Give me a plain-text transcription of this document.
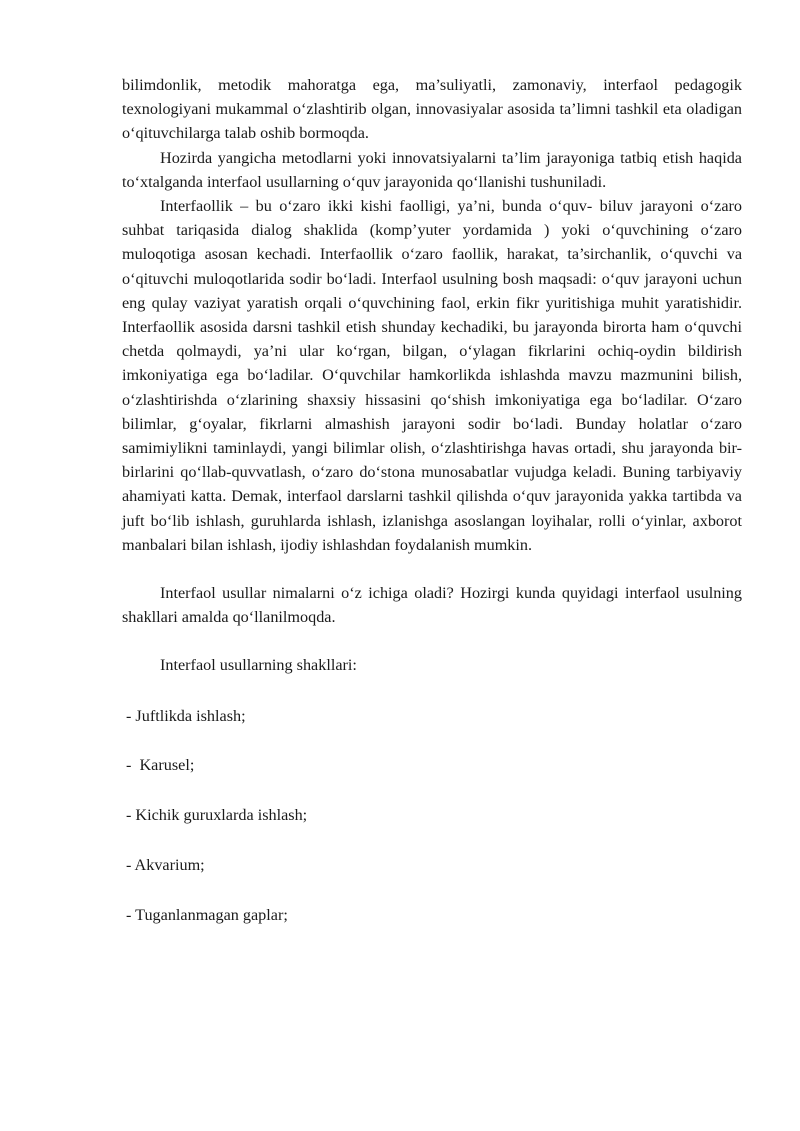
bilimdonlik, metodik mahoratga ega, ma’suliyatli, zamonaviy, interfaol pedagogik texnologiyani mukammal o‘zlashtirib olgan, innovasiyalar asosida ta’limni tashkil eta oladigan o‘qituvchilarga talab oshib bormoqda.

Hozirda yangicha metodlarni yoki innovatsiyalarni ta’lim jarayoniga tatbiq etish haqida to‘xtalganda interfaol usullarning o‘quv jarayonida qo‘llanishi tushuniladi.

Interfaollik – bu o‘zaro ikki kishi faolligi, ya’ni, bunda o‘quv- biluv jarayoni o‘zaro suhbat tariqasida dialog shaklida (komp’yuter yordamida ) yoki o‘quvchining o‘zaro muloqotiga asosan kechadi. Interfaollik o‘zaro faollik, harakat, ta’sirchanlik, o‘quvchi va o‘qituvchi muloqotlarida sodir bo‘ladi. Interfaol usulning bosh maqsadi: o‘quv jarayoni uchun eng qulay vaziyat yaratish orqali o‘quvchining faol, erkin fikr yuritishiga muhit yaratishidir. Interfaollik asosida darsni tashkil etish shunday kechadiki, bu jarayonda birorta ham o‘quvchi chetda qolmaydi, ya’ni ular ko‘rgan, bilgan, o‘ylagan fikrlarini ochiq-oydin bildirish imkoniyatiga ega bo‘ladilar. O‘quvchilar hamkorlikda ishlashda mavzu mazmunini bilish, o‘zlashtirishda o‘zlarining shaxsiy hissasini qo‘shish imkoniyatiga ega bo‘ladilar. O‘zaro bilimlar, g‘oyalar, fikrlarni almashish jarayoni sodir bo‘ladi. Bunday holatlar o‘zaro samimiylikni taminlaydi, yangi bilimlar olish, o‘zlashtirishga havas ortadi, shu jarayonda bir-birlarini qo‘llab-quvvatlash, o‘zaro do‘stona munosabatlar vujudga keladi. Buning tarbiyaviy ahamiyati katta. Demak, interfaol darslarni tashkil qilishda o‘quv jarayonida yakka tartibda va juft bo‘lib ishlash, guruhlarda ishlash, izlanishga asoslangan loyihalar, rolli o‘yinlar, axborot manbalari bilan ishlash, ijodiy ishlashdan foydalanish mumkin.

Interfaol usullar nimalarni o‘z ichiga oladi? Hozirgi kunda quyidagi interfaol usulning shakllari amalda qo‘llanilmoqda.

Interfaol usullarning shakllari:

- Juftlikda ishlash;
-  Karusel;
- Kichik guruxlarda ishlash;
- Akvarium;
- Tuganlanmagan gaplar;
